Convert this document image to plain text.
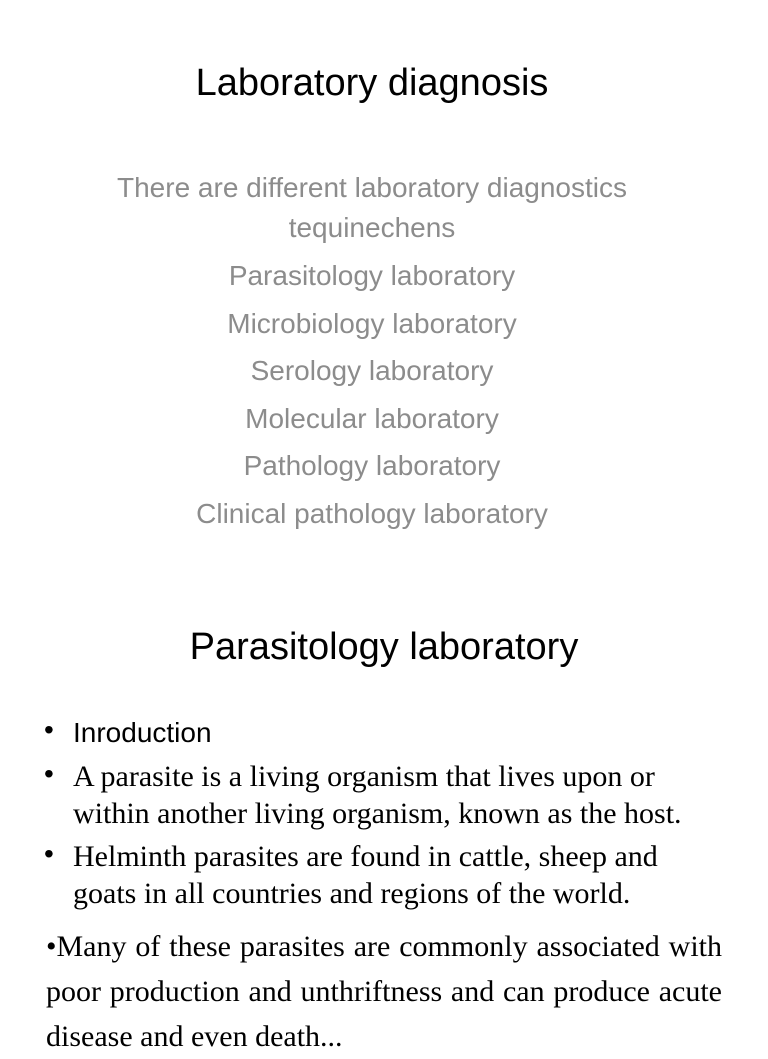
Laboratory diagnosis
There are different laboratory diagnostics tequinechens
Parasitology laboratory
Microbiology laboratory
Serology laboratory
Molecular laboratory
Pathology laboratory
Clinical pathology laboratory
Parasitology laboratory
• Inroduction
• A parasite is a living organism that lives upon or within another living organism, known as the host.
• Helminth parasites are found in cattle, sheep and goats in all countries and regions of the world.

•Many of these parasites are commonly associated with poor production and unthriftness and can produce acute disease and even death...
